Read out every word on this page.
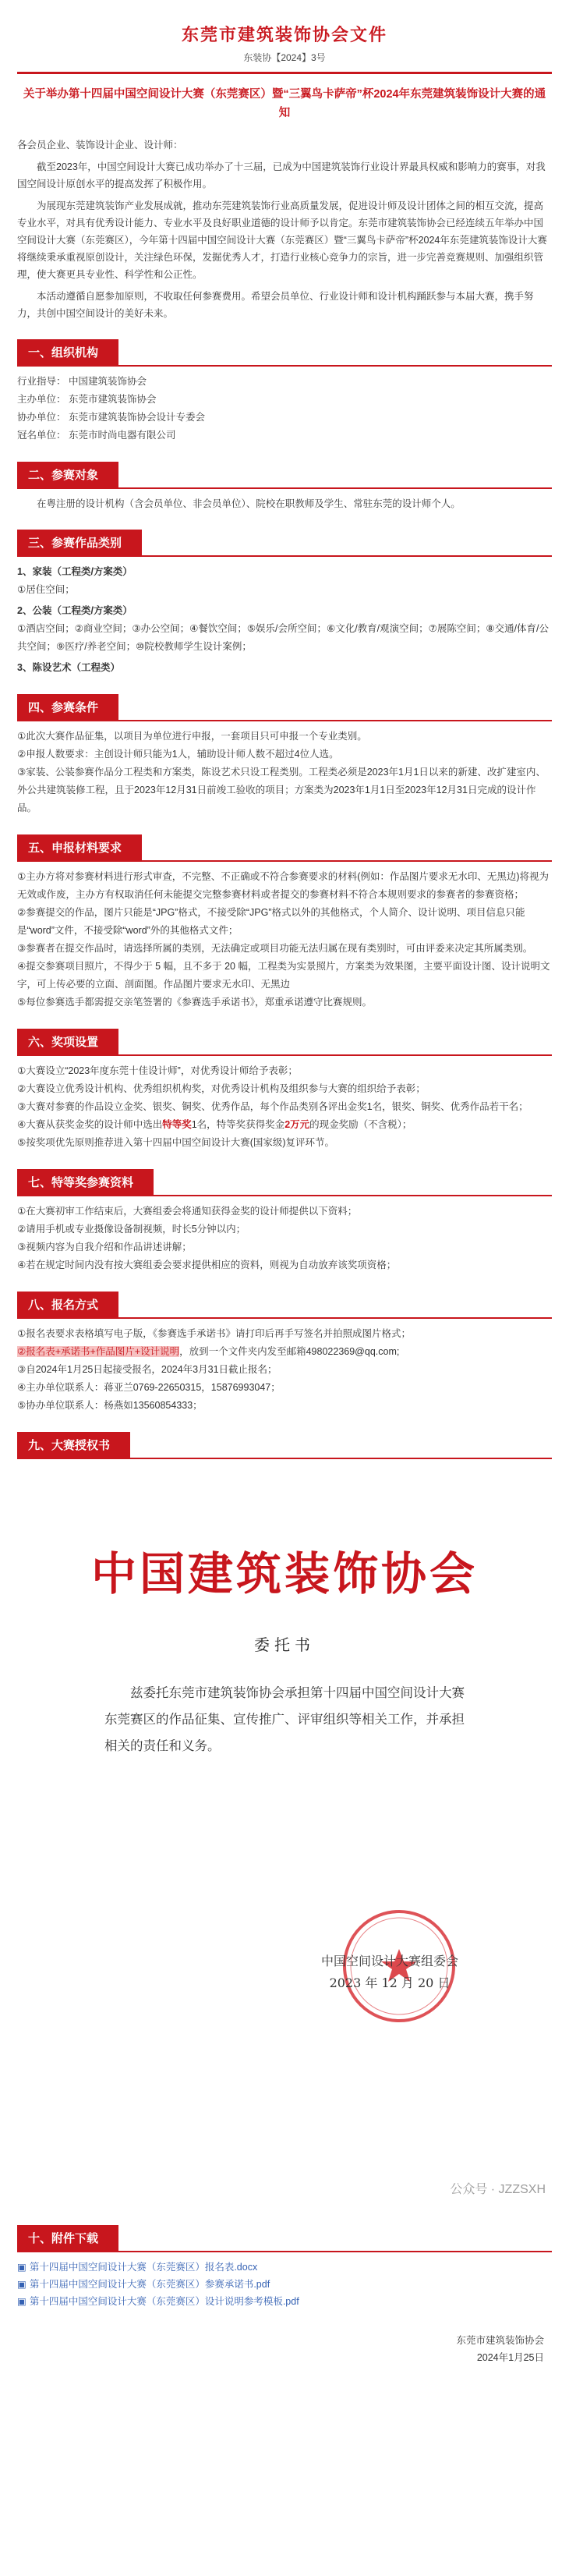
东莞市建筑装饰协会文件
东装协【2024】3号
关于举办第十四届中国空间设计大赛（东莞赛区）暨“三翼鸟卡萨帝”杯2024年东莞建筑装饰设计大赛的通知
各会员企业、装饰设计企业、设计师：

截至2023年，中国空间设计大赛已成功举办了十三届，已成为中国建筑装饰行业设计界最具权威和影响力的赛事，对我国空间设计原创水平的提高发挥了积极作用。

为展现东莞建筑装饰产业发展成就，推动东莞建筑装饰行业高质量发展，促进设计师及设计团体之间的相互交流，提高专业水平，对具有优秀设计能力、专业水平及良好职业道德的设计师予以肯定。东莞市建筑装饰协会已经连续五年举办中国空间设计大赛（东莞赛区），今年第十四届中国空间设计大赛（东莞赛区）暨“三翼鸟卡萨帝”杯2024年东莞建筑装饰设计大赛将继续秉承重视原创设计，关注绿色环保，发掘优秀人才，打造行业核心竞争力的宗旨，进一步完善竞赛规则、加强组织管理，使大赛更具专业性、科学性和公正性。

本活动遵循自愿参加原则，不收取任何参赛费用。希望会员单位、行业设计师和设计机构踊跃参与本届大赛，携手努力，共创中国空间设计的美好未来。

一、组织机构
行业指导： 中国建筑装饰协会
主办单位： 东莞市建筑装饰协会
协办单位： 东莞市建筑装饰协会设计专委会
冠名单位： 东莞市时尚电器有限公司
二、参赛对象

在粤注册的设计机构（含会员单位、非会员单位）、院校在职教师及学生、常驻东莞的设计师个人。

三、参赛作品类别
1、家装（工程类/方案类）
①居住空间；
2、公装（工程类/方案类）
①酒店空间；②商业空间；③办公空间；④餐饮空间；⑤娱乐/会所空间；⑥文化/教育/观演空间；⑦展陈空间；⑧交通/体育/公共空间；⑨医疗/养老空间；⑩院校教师学生设计案例；
3、陈设艺术（工程类）
四、参赛条件
①此次大赛作品征集，以项目为单位进行申报，一套项目只可申报一个专业类别。
②申报人数要求：主创设计师只能为1人，辅助设计师人数不超过4位人选。
③家装、公装参赛作品分工程类和方案类，陈设艺术只设工程类别。工程类必须是2023年1月1日以来的新建、改扩建室内、外公共建筑装修工程，且于2023年12月31日前竣工验收的项目；方案类为2023年1月1日至2023年12月31日完成的设计作品。
五、申报材料要求
①主办方将对参赛材料进行形式审查，不完整、不正确或不符合参赛要求的材料(例如：作品图片要求无水印、无黑边)将视为无效或作废，主办方有权取消任何未能提交完整参赛材料或者提交的参赛材料不符合本规则要求的参赛者的参赛资格；
②参赛提交的作品，图片只能是“JPG”格式，不接受除“JPG”格式以外的其他格式，个人简介、设计说明、项目信息只能是“word”文件，不接受除“word”外的其他格式文件；
③参赛者在提交作品时，请选择所属的类别，无法确定或项目功能无法归属在现有类别时，可由评委来决定其所属类别。
④提交参赛项目照片，不得少于 5 幅，且不多于 20 幅，工程类为实景照片，方案类为效果图，主要平面设计图、设计说明文字，可上传必要的立面、剖面图。作品图片要求无水印、无黑边
⑤每位参赛选手都需提交亲笔签署的《参赛选手承诺书》，郑重承诺遵守比赛规则。
六、奖项设置
①大赛设立“2023年度东莞十佳设计师”，对优秀设计师给予表彰；
②大赛设立优秀设计机构、优秀组织机构奖，对优秀设计机构及组织参与大赛的组织给予表彰；
③大赛对参赛的作品设立金奖、银奖、铜奖、优秀作品，每个作品类别各评出金奖1名，银奖、铜奖、优秀作品若干名；
④大赛从获奖金奖的设计师中选出特等奖1名，特等奖获得奖金2万元的现金奖励（不含税）；
⑤按奖项优先原则推荐进入第十四届中国空间设计大赛(国家级)复评环节。
七、特等奖参赛资料
①在大赛初审工作结束后，大赛组委会将通知获得金奖的设计师提供以下资料；
②请用手机或专业摄像设备制视频，时长5分钟以内；
③视频内容为自我介绍和作品讲述讲解；
④若在规定时间内没有按大赛组委会要求提供相应的资料，则视为自动放弃该奖项资格；
八、报名方式
①报名表要求表格填写电子版，《参赛选手承诺书》请打印后再手写签名并拍照成图片格式；
②报名表+承诺书+作品图片+设计说明，放到一个文件夹内发至邮箱498022369@qq.com;
③自2024年1月25日起接受报名，2024年3月31日截止报名；
④主办单位联系人：蒋亚兰0769-22650315，15876993047；
⑤协办单位联系人：杨燕如13560854333；
九、大赛授权书
中国建筑装饰协会
委托书
兹委托东莞市建筑装饰协会承担第十四届中国空间设计大赛东莞赛区的作品征集、宣传推广、评审组织等相关工作，并承担相关的责任和义务。
中国空间设计大赛组委会
2023 年 12 月 20 日
公众号 · JZZSXH
十、附件下载
▣ 第十四届中国空间设计大赛（东莞赛区）报名表.docx
▣ 第十四届中国空间设计大赛（东莞赛区）参赛承诺书.pdf
▣ 第十四届中国空间设计大赛（东莞赛区）设计说明参考模板.pdf
东莞市建筑装饰协会
2024年1月25日
